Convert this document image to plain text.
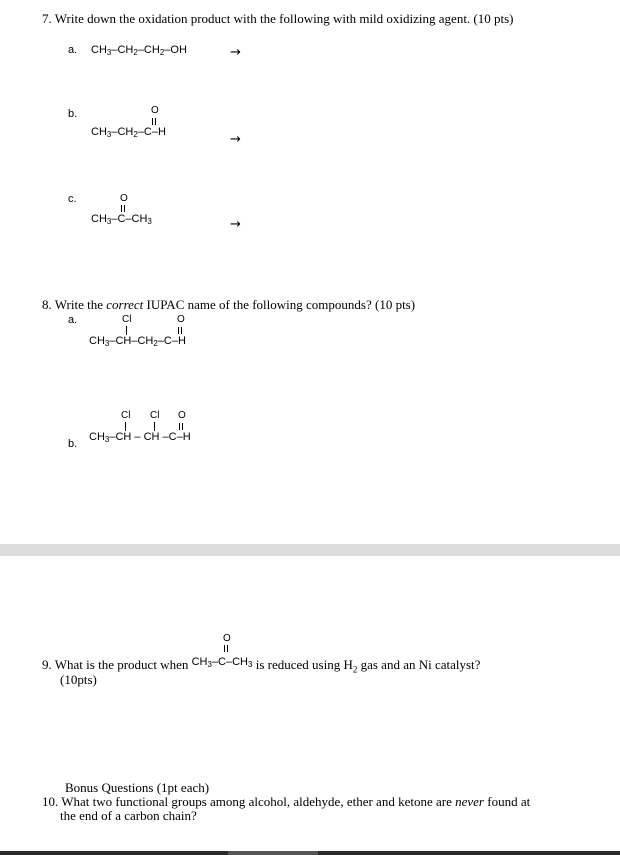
7. Write down the oxidation product with the following with mild oxidizing agent. (10 pts)
a. $CH_3-CH_2-CH_2-OH$	→
b.	O
$CH_3-CH_2-C-H$	→
c.	O
$CH_3-C-CH_3$	→
8. Write the correct IUPAC name of the following compounds? (10 pts)
a.	Cl	O
$CH_3-CH-CH_2-C-H$
Cl Cl O
$CH_3-CH$ – CH –C–H
b.
O
9. What is the product when $^{CH_3-C-CH_3}$ is reduced using $H_2$ gas and an Ni catalyst?
(10pts)
Bonus Questions (1pt each)
10. What two functional groups among alcohol, aldehyde, ether and ketone are never found at
the end of a carbon chain?
